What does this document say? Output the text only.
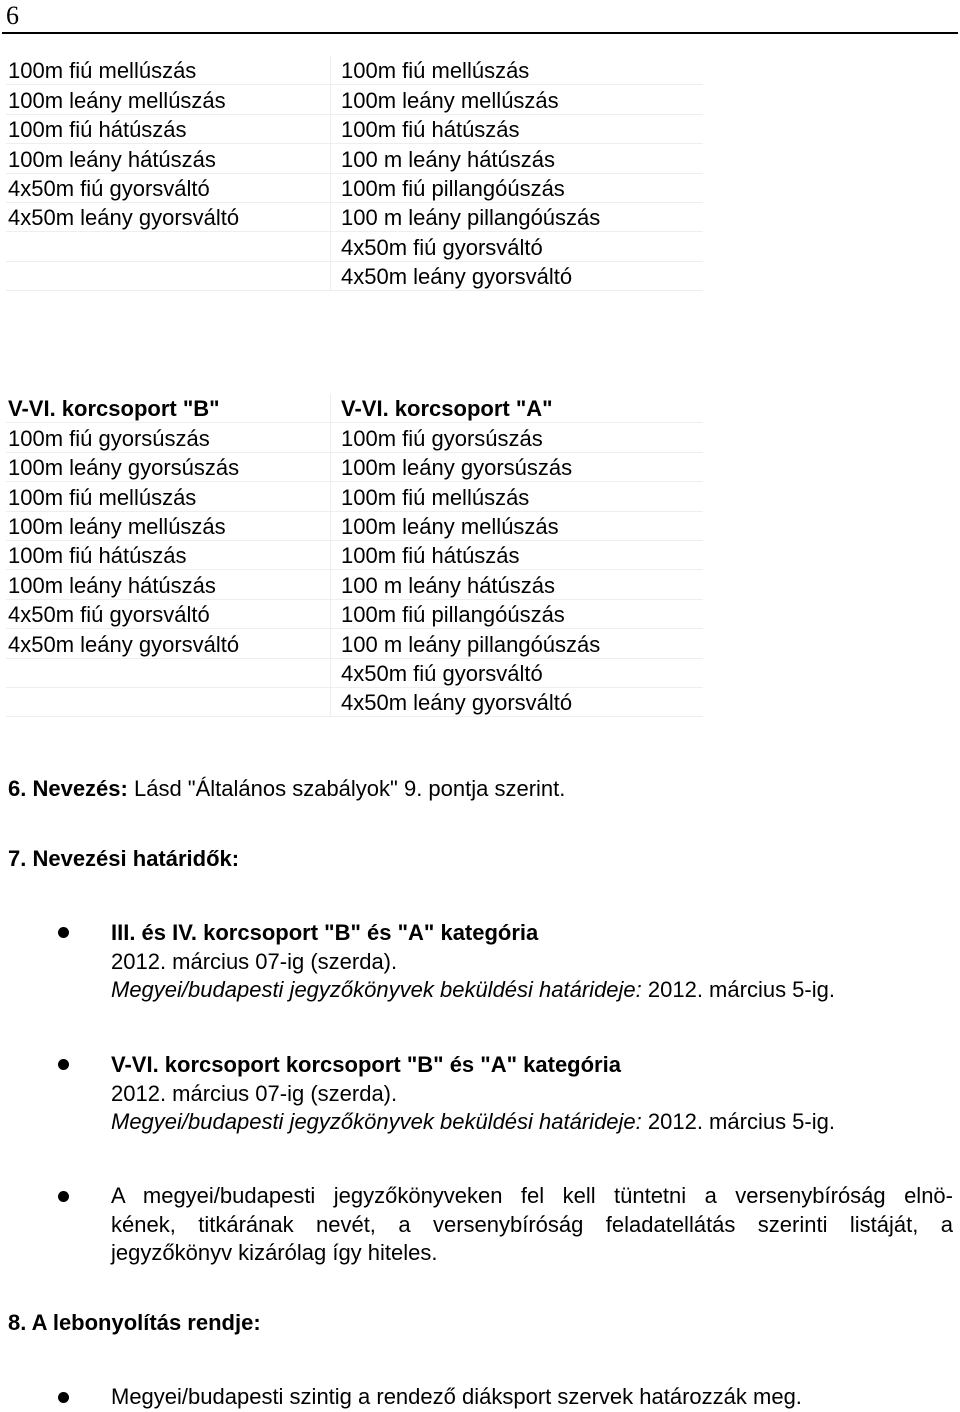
6
100m fiú mellúszás	100m fiú mellúszás
100m leány mellúszás	100m leány mellúszás
100m fiú hátúszás	100m fiú hátúszás
100m leány hátúszás	100 m leány hátúszás
4x50m fiú gyorsváltó	100m fiú pillangóúszás
4x50m leány gyorsváltó	100 m leány pillangóúszás
	4x50m fiú gyorsváltó
	4x50m leány gyorsváltó
V-VI. korcsoport "B"	V-VI. korcsoport "A"
100m fiú gyorsúszás	100m fiú gyorsúszás
100m leány gyorsúszás	100m leány gyorsúszás
100m fiú mellúszás	100m fiú mellúszás
100m leány mellúszás	100m leány mellúszás
100m fiú hátúszás	100m fiú hátúszás
100m leány hátúszás	100 m leány hátúszás
4x50m fiú gyorsváltó	100m fiú pillangóúszás
4x50m leány gyorsváltó	100 m leány pillangóúszás
	4x50m fiú gyorsváltó
	4x50m leány gyorsváltó
6. Nevezés: Lásd "Általános szabályok" 9. pontja szerint.
7. Nevezési határidők:
III. és IV. korcsoport "B" és "A" kategória
2012. március 07-ig (szerda).
Megyei/budapesti jegyzőkönyvek beküldési határideje: 2012. március 5-ig.
V-VI. korcsoport korcsoport "B" és "A" kategória
2012. március 07-ig (szerda).
Megyei/budapesti jegyzőkönyvek beküldési határideje: 2012. március 5-ig.
A megyei/budapesti jegyzőkönyveken fel kell tüntetni a versenybíróság elnö-
kének, titkárának nevét, a versenybíróság feladatellátás szerinti listáját, a
jegyzőkönyv kizárólag így hiteles.
8. A lebonyolítás rendje:
Megyei/budapesti szintig a rendező diáksport szervek határozzák meg.
